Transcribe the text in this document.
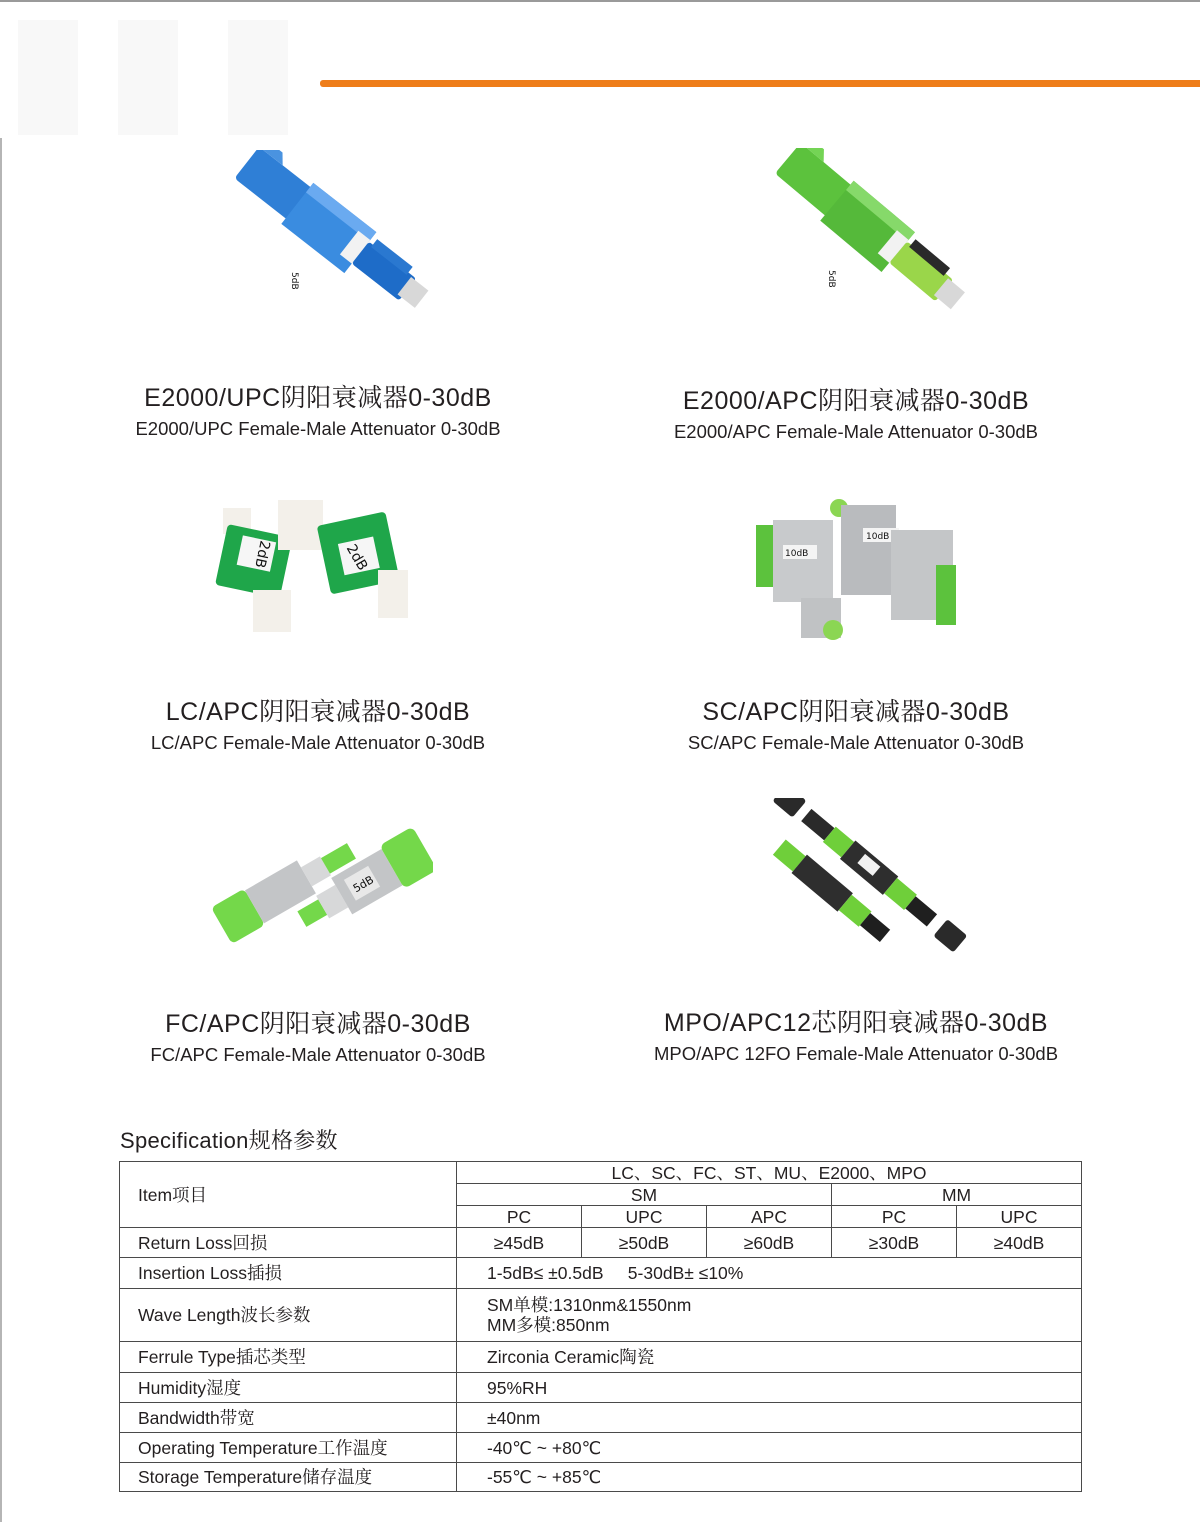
5dB
E2000/UPC阴阳衰减器0-30dB
E2000/UPC Female-Male Attenuator 0-30dB
5dB
E2000/APC阴阳衰减器0-30dB
E2000/APC Female-Male Attenuator 0-30dB
2dB	2dB
LC/APC阴阳衰减器0-30dB
LC/APC Female-Male Attenuator 0-30dB
10dB
10dB
SC/APC阴阳衰减器0-30dB
SC/APC Female-Male Attenuator 0-30dB
5dB
FC/APC阴阳衰减器0-30dB
FC/APC Female-Male Attenuator 0-30dB
MPO/APC12芯阴阳衰减器0-30dB
MPO/APC 12FO Female-Male Attenuator 0-30dB
Specification规格参数
Item项目	LC、SC、FC、ST、MU、E2000、MPO				
	SM			MM	
	PC	UPC	APC	PC	UPC
Return Loss回损	≥45dB	≥50dB	≥60dB	≥30dB	≥40dB
Insertion Loss插损	1-5dB≤ ±0.5dB     5-30dB± ≤10%				
Wave Length波长参数	SM单模:1310nm&1550nm
MM多模:850nm				

Ferrule Type插芯类型	Zirconia Ceramic陶瓷				
Humidity湿度	95%RH				
Bandwidth带宽	±40nm				
Operating Temperature工作温度	-40℃ ~ +80℃				
Storage Temperature储存温度	-55℃ ~ +85℃				
